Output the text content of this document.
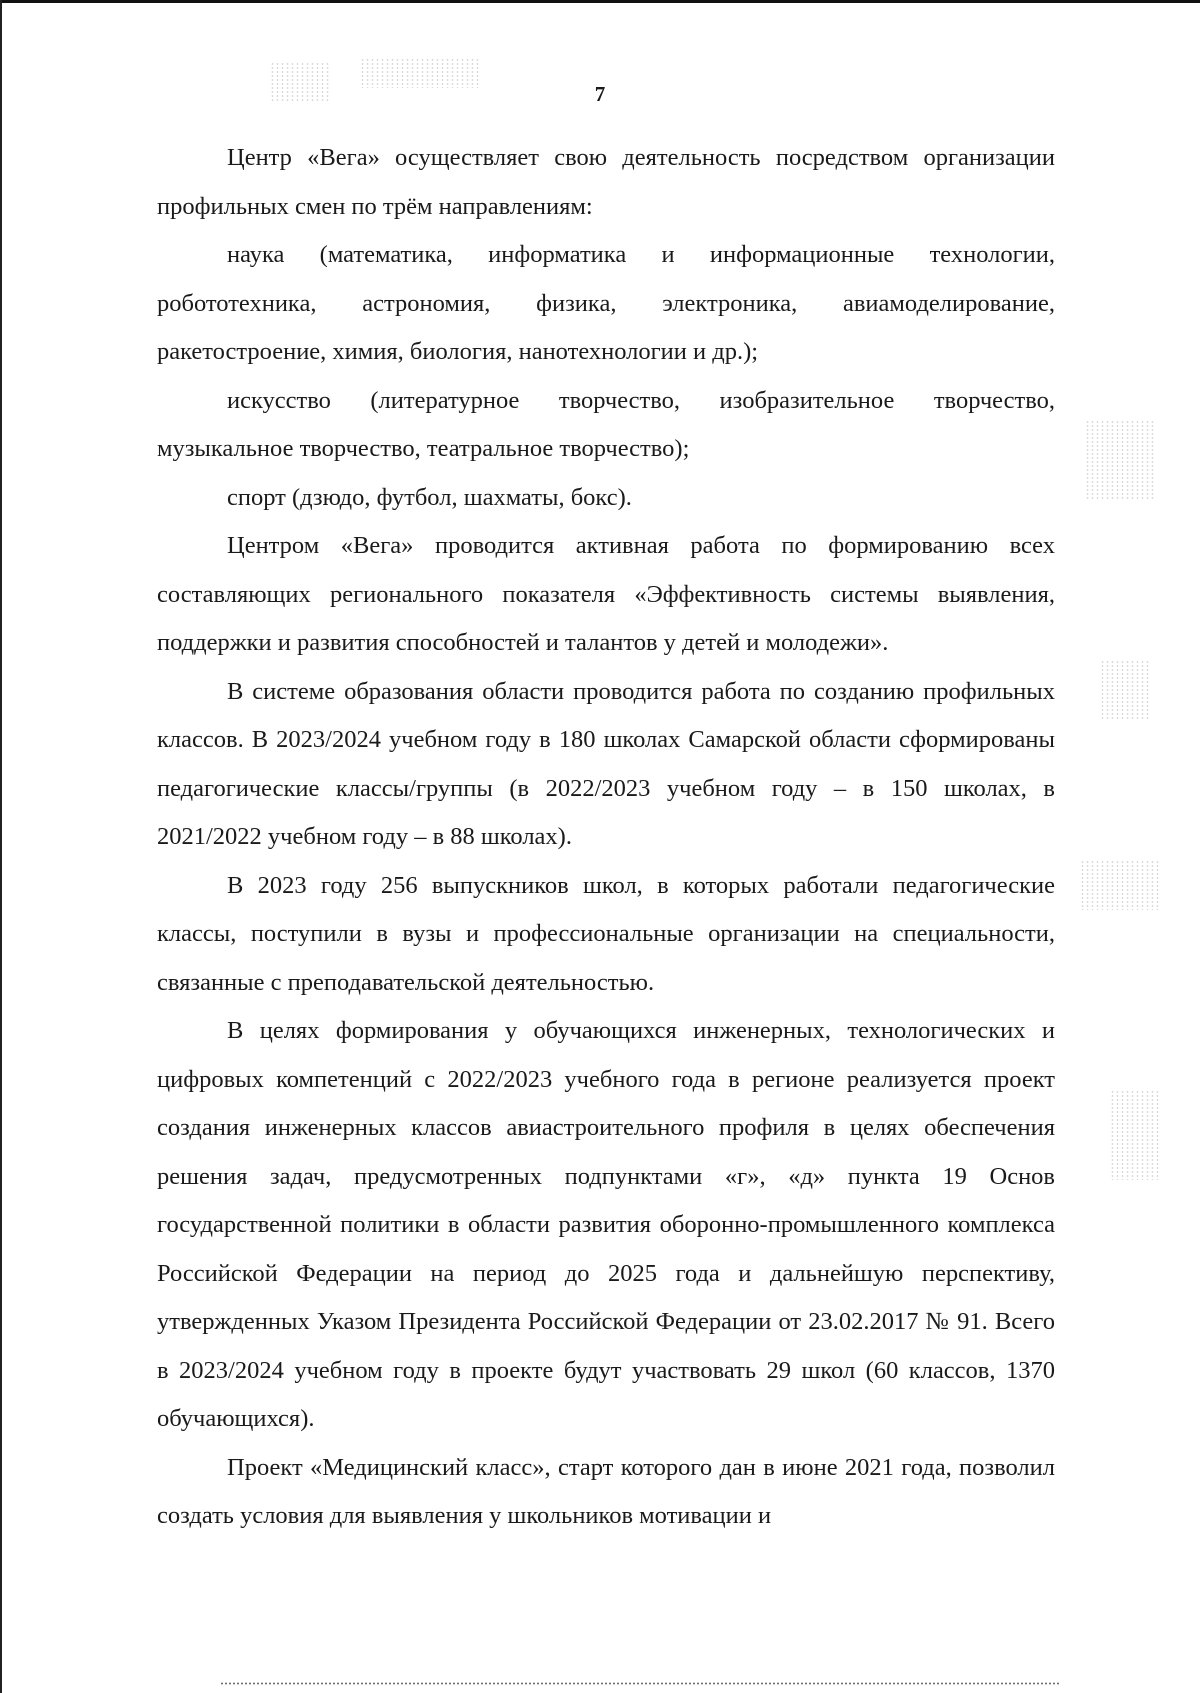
7

Центр «Вега» осуществляет свою деятельность посредством организации профильных смен по трём направлениям:

наука (математика, информатика и информационные технологии, робототехника, астрономия, физика, электроника, авиамоделирование, ракетостроение, химия, биология, нанотехнологии и др.);

искусство (литературное творчество, изобразительное творчество, музыкальное творчество, театральное творчество);

спорт (дзюдо, футбол, шахматы, бокс).

Центром «Вега» проводится активная работа по формированию всех составляющих регионального показателя «Эффективность системы выявления, поддержки и развития способностей и талантов у детей и молодежи».

В системе образования области проводится работа по созданию профильных классов. В 2023/2024 учебном году в 180 школах Самарской области сформированы педагогические классы/группы (в 2022/2023 учебном году – в 150 школах, в 2021/2022 учебном году – в 88 школах).

В 2023 году 256 выпускников школ, в которых работали педагогические классы, поступили в вузы и профессиональные организации на специальности, связанные с преподавательской деятельностью.

В целях формирования у обучающихся инженерных, технологических и цифровых компетенций с 2022/2023 учебного года в регионе реализуется проект создания инженерных классов авиастроительного профиля в целях обеспечения решения задач, предусмотренных подпунктами «г», «д» пункта 19 Основ государственной политики в области развития оборонно-промышленного комплекса Российской Федерации на период до 2025 года и дальнейшую перспективу, утвержденных Указом Президента Российской Федерации от 23.02.2017 № 91. Всего в 2023/2024 учебном году в проекте будут участвовать 29 школ (60 классов, 1370 обучающихся).

Проект «Медицинский класс», старт которого дан в июне 2021 года, позволил создать условия для выявления у школьников мотивации и
